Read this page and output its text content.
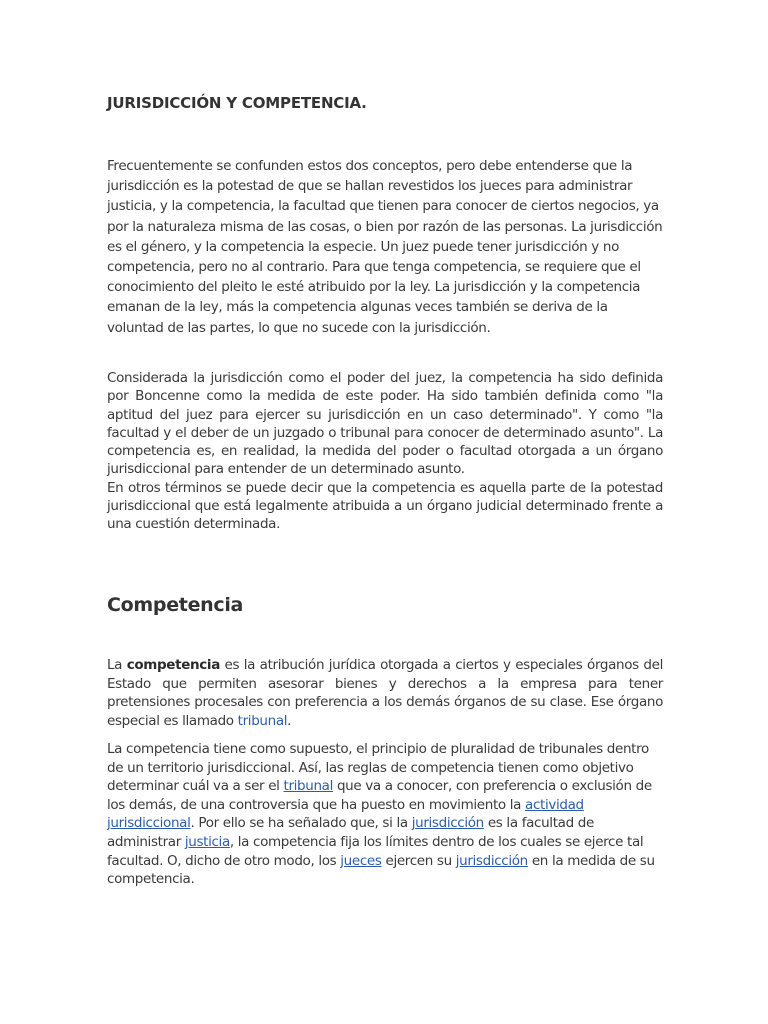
JURISDICCIÓN Y COMPETENCIA.

Frecuentemente se confunden estos dos conceptos, pero debe entenderse que la jurisdicción es la potestad de que se hallan revestidos los jueces para administrar justicia, y la competencia, la facultad que tienen para conocer de ciertos negocios, ya por la naturaleza misma de las cosas, o bien por razón de las personas. La jurisdicción es el género, y la competencia la especie. Un juez puede tener jurisdicción y no competencia, pero no al contrario. Para que tenga competencia, se requiere que el conocimiento del pleito le esté atribuido por la ley. La jurisdicción y la competencia emanan de la ley, más la competencia algunas veces también se deriva de la voluntad de las partes, lo que no sucede con la jurisdicción.

Considerada la jurisdicción como el poder del juez, la competencia ha sido definida por Boncenne como la medida de este poder. Ha sido también definida como "la aptitud del juez para ejercer su jurisdicción en un caso determinado". Y como "la facultad y el deber de un juzgado o tribunal para conocer de determinado asunto". La competencia es, en realidad, la medida del poder o facultad otorgada a un órgano jurisdiccional para entender de un determinado asunto.
En otros términos se puede decir que la competencia es aquella parte de la potestad jurisdiccional que está legalmente atribuida a un órgano judicial determinado frente a una cuestión determinada.

Competencia

La competencia es la atribución jurídica otorgada a ciertos y especiales órganos del Estado que permiten asesorar bienes y derechos a la empresa para tener pretensiones procesales con preferencia a los demás órganos de su clase. Ese órgano especial es llamado tribunal.

La competencia tiene como supuesto, el principio de pluralidad de tribunales dentro de un territorio jurisdiccional. Así, las reglas de competencia tienen como objetivo determinar cuál va a ser el tribunal que va a conocer, con preferencia o exclusión de los demás, de una controversia que ha puesto en movimiento la actividad jurisdiccional. Por ello se ha señalado que, si la jurisdicción es la facultad de administrar justicia, la competencia fija los límites dentro de los cuales se ejerce tal facultad. O, dicho de otro modo, los jueces ejercen su jurisdicción en la medida de su competencia.
